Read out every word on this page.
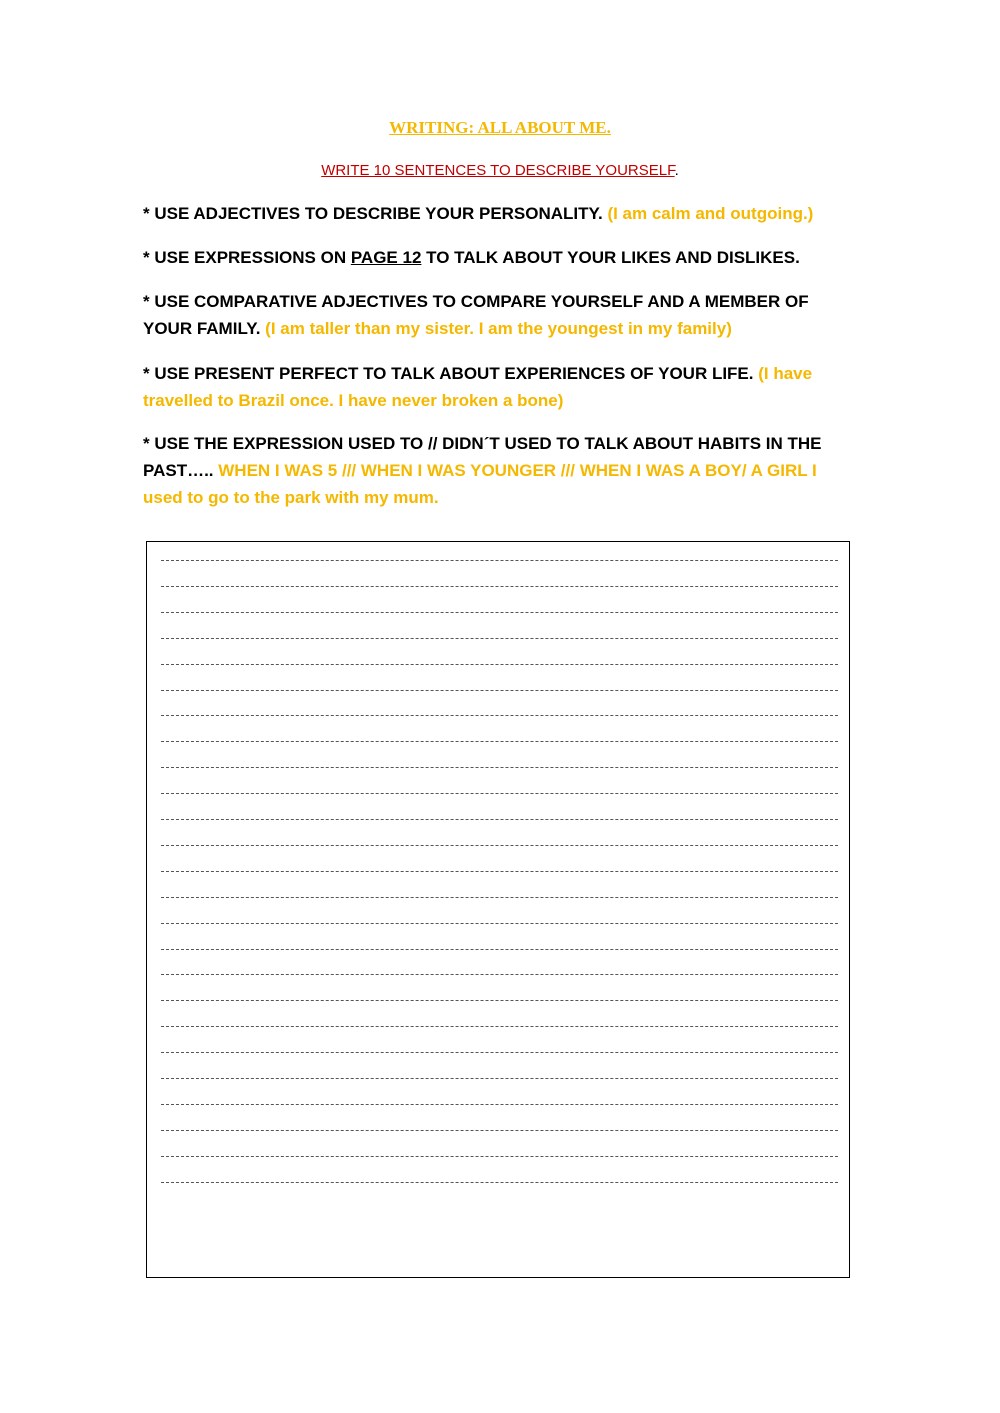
WRITING: ALL ABOUT ME.
WRITE 10 SENTENCES TO DESCRIBE YOURSELF.

* USE ADJECTIVES TO DESCRIBE YOUR PERSONALITY. (I am calm and outgoing.)

* USE EXPRESSIONS ON PAGE 12 TO TALK ABOUT YOUR LIKES AND DISLIKES.

* USE COMPARATIVE ADJECTIVES TO COMPARE YOURSELF AND A MEMBER OF YOUR FAMILY. (I am taller than my sister. I am the youngest in my family)

* USE PRESENT PERFECT TO TALK ABOUT EXPERIENCES OF YOUR LIFE. (I have travelled to Brazil once. I have never broken a bone)

* USE THE EXPRESSION USED TO // DIDN´T USED TO TALK ABOUT HABITS IN THE PAST….. WHEN I WAS 5 /// WHEN I WAS YOUNGER /// WHEN I WAS A BOY/ A GIRL I used to go to the park with my mum.
